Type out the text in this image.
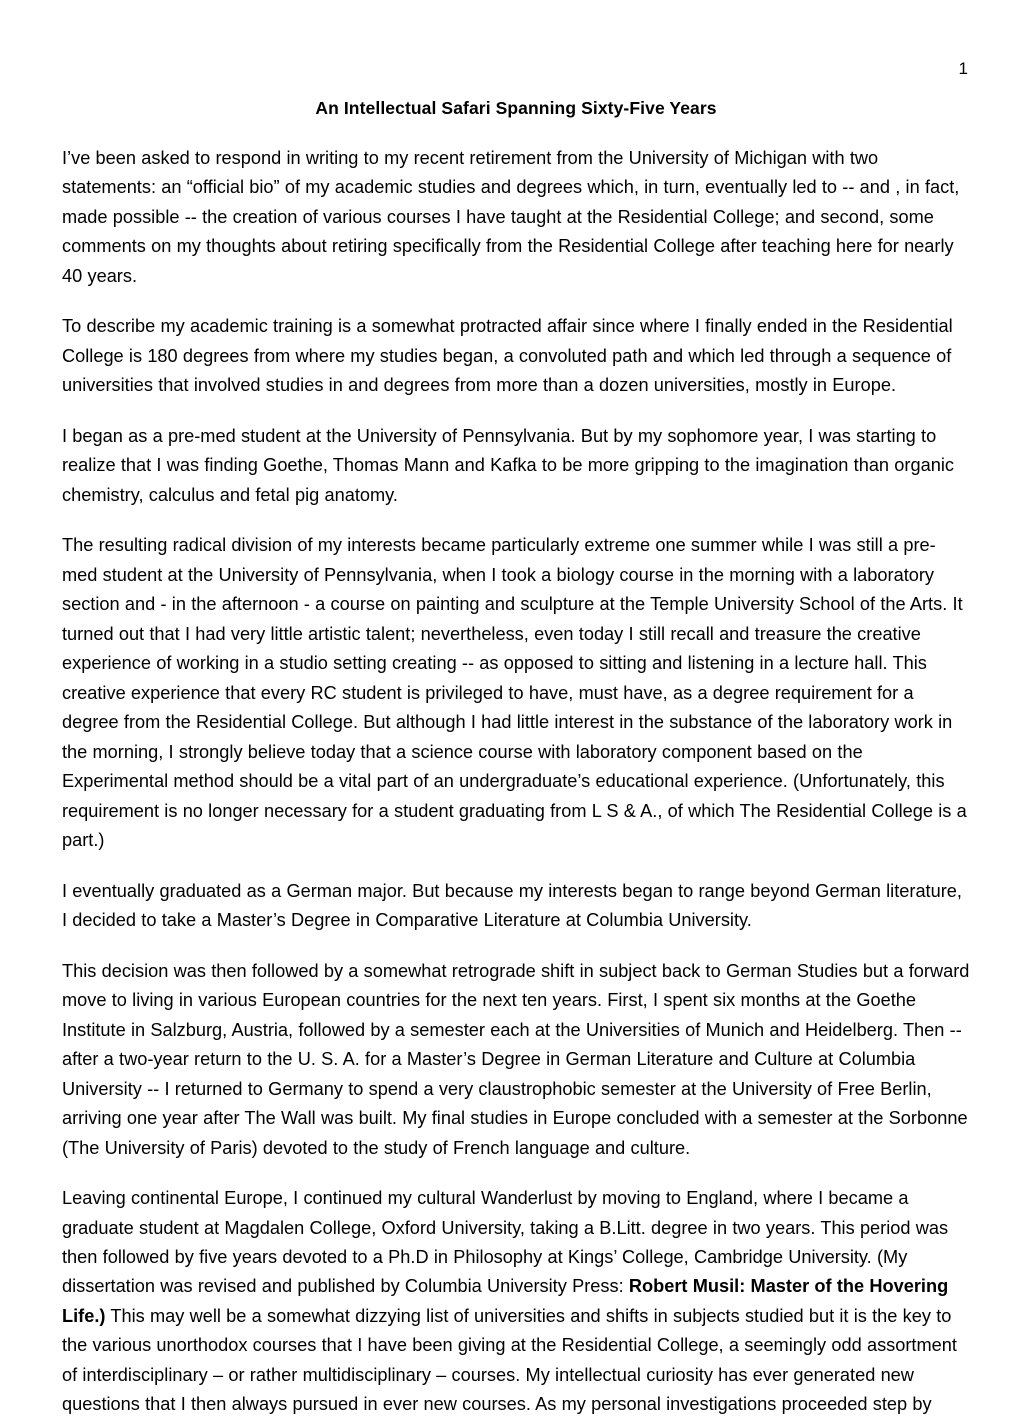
1
An Intellectual Safari Spanning Sixty-Five Years

I’ve been asked to respond in writing to my recent retirement from the University of Michigan with two statements: an “official bio” of my academic studies and degrees which, in turn, eventually led to -- and , in fact, made possible -- the creation of various courses I have taught at the Residential College; and second, some comments on my thoughts about retiring specifically from the Residential College after teaching here for nearly 40 years.

To describe my academic training is a somewhat protracted affair since where I finally ended in the Residential College is 180 degrees from where my studies began, a convoluted path and which led through a sequence of universities that involved studies in and degrees from more than a dozen universities, mostly in Europe.

I began as a pre-med student at the University of Pennsylvania. But by my sophomore year, I was starting to realize that I was finding Goethe, Thomas Mann and Kafka to be more gripping to the imagination than organic chemistry, calculus and fetal pig anatomy.

The resulting radical division of my interests became particularly extreme one summer while I was still a pre-med student at the University of Pennsylvania, when I took a biology course in the morning with a laboratory section and - in the afternoon - a course on painting and sculpture at the Temple University School of the Arts. It turned out that I had very little artistic talent; nevertheless, even today I still recall and treasure the creative experience of working in a studio setting creating -- as opposed to sitting and listening in a lecture hall. This creative experience that every RC student is privileged to have, must have, as a degree requirement for a degree from the Residential College. But although I had little interest in the substance of the laboratory work in the morning, I strongly believe today that a science course with laboratory component based on the Experimental method should be a vital part of an undergraduate’s educational experience. (Unfortunately, this requirement is no longer necessary for a student graduating from L S & A., of which The Residential College is a part.)

I eventually graduated as a German major. But because my interests began to range beyond German literature, I decided to take a Master’s Degree in Comparative Literature at Columbia University.

This decision was then followed by a somewhat retrograde shift in subject back to German Studies but a forward move to living in various European countries for the next ten years. First, I spent six months at the Goethe Institute in Salzburg, Austria, followed by a semester each at the Universities of Munich and Heidelberg. Then -- after a two-year return to the U. S. A. for a Master’s Degree in German Literature and Culture at Columbia University -- I returned to Germany to spend a very claustrophobic semester at the University of Free Berlin, arriving one year after The Wall was built. My final studies in Europe concluded with a semester at the Sorbonne (The University of Paris) devoted to the study of French language and culture.

Leaving continental Europe, I continued my cultural Wanderlust by moving to England, where I became a graduate student at Magdalen College, Oxford University, taking a B.Litt. degree in two years. This period was then followed by five years devoted to a Ph.D in Philosophy at Kings’ College, Cambridge University. (My dissertation was revised and published by Columbia University Press: Robert Musil: Master of the Hovering Life.) This may well be a somewhat dizzying list of universities and shifts in subjects studied but it is the key to the various unorthodox courses that I have been giving at the Residential College, a seemingly odd assortment of interdisciplinary – or rather multidisciplinary – courses. My intellectual curiosity has ever generated new questions that I then always pursued in ever new courses. As my personal investigations proceeded step by
